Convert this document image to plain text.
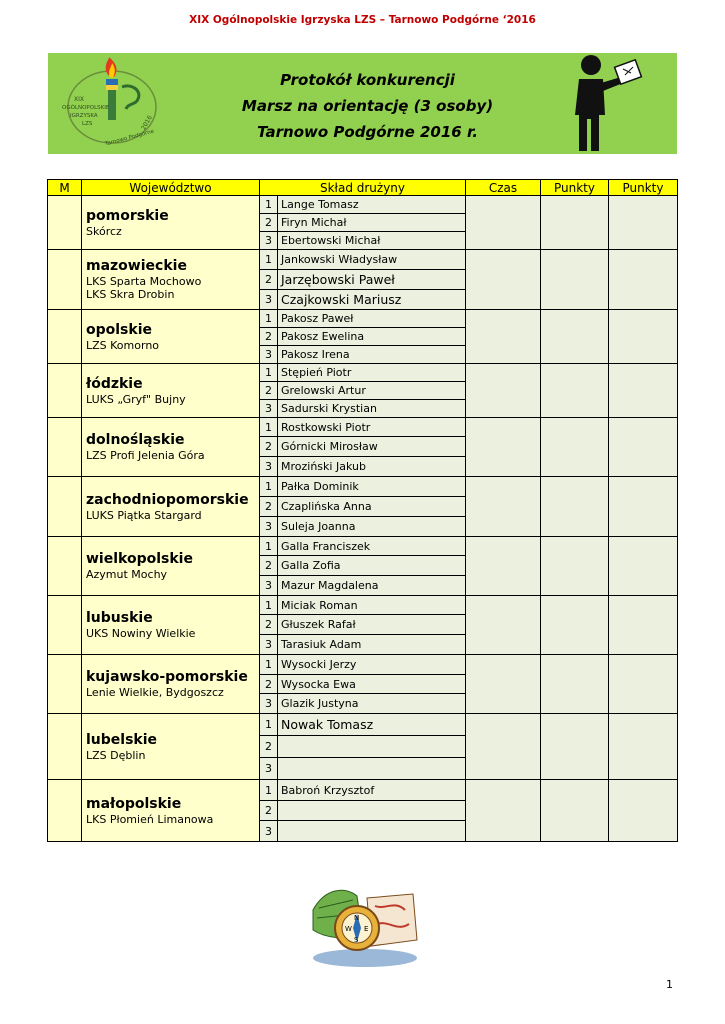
XIX Ogólnopolskie Igrzyska LZS – Tarnowo Podgórne ‘2016
XIX
OGÓLNOPOLSKIE
IGRZYSKA
LZS
Tarnowo Podgórne
2016
Protokół konkurencji
Marsz na orientację (3 osoby)
Tarnowo Podgórne 2016 r.
M	Województwo	Skład drużyny		Czas	Punkty	Punkty

	pomorskie
Skórcz	1	Lange Tomasz			
		2	Firyn Michał			
		3	Ebertowski Michał			

	mazowieckie
LKS Sparta Mochowo
LKS Skra Drobin	1	Jankowski Władysław			
		2	Jarzębowski Paweł			
		3	Czajkowski Mariusz			

	opolskie
LZS Komorno	1	Pakosz Paweł			
		2	Pakosz Ewelina			
		3	Pakosz Irena			

	łódzkie
LUKS „Gryf" Bujny	1	Stępień Piotr			
		2	Grelowski Artur			
		3	Sadurski Krystian			

	dolnośląskie
LZS Profi Jelenia Góra	1	Rostkowski Piotr			
		2	Górnicki Mirosław			
		3	Mroziński Jakub			

	zachodniopomorskie
LUKS Piątka Stargard	1	Pałka Dominik			
		2	Czaplińska Anna			
		3	Suleja Joanna			

	wielkopolskie
Azymut Mochy	1	Galla Franciszek			
		2	Galla Zofia			
		3	Mazur Magdalena			

	lubuskie
UKS Nowiny Wielkie	1	Miciak Roman			
		2	Głuszek Rafał			
		3	Tarasiuk Adam			

	kujawsko-pomorskie
Lenie Wielkie, Bydgoszcz	1	Wysocki Jerzy			
		2	Wysocka Ewa			
		3	Glazik Justyna			

	lubelskie
LZS Dęblin	1	Nowak Tomasz			
		2				
		3				

	małopolskie
LKS Płomień Limanowa	1	Babroń Krzysztof			
		2				
		3				
N
W E
S
1
